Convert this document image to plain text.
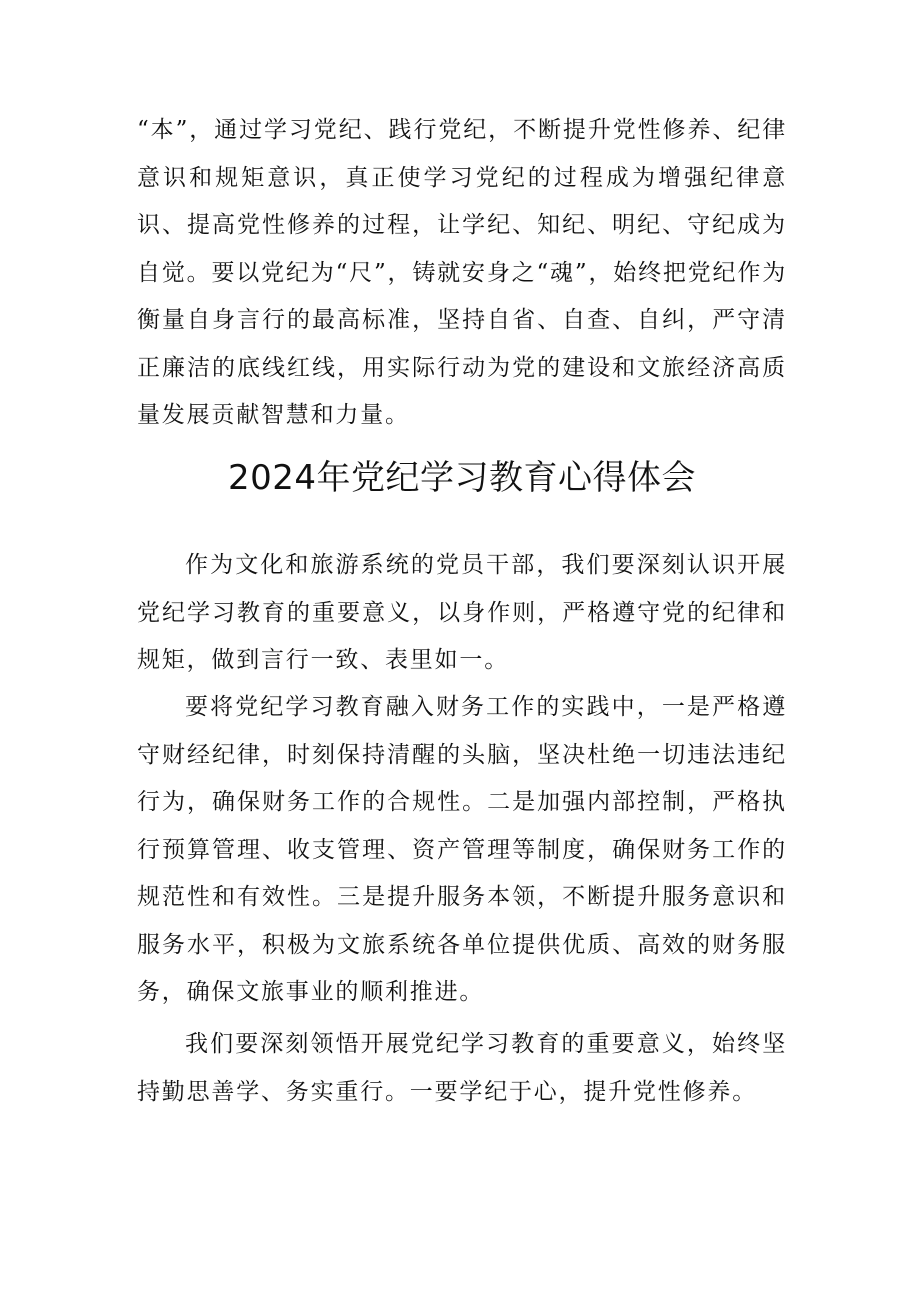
“本”，通过学习党纪、践行党纪，不断提升党性修养、纪律意识和规矩意识，真正使学习党纪的过程成为增强纪律意识、提高党性修养的过程，让学纪、知纪、明纪、守纪成为自觉。要以党纪为“尺”，铸就安身之“魂”，始终把党纪作为衡量自身言行的最高标准，坚持自省、自查、自纠，严守清正廉洁的底线红线，用实际行动为党的建设和文旅经济高质量发展贡献智慧和力量。

2024年党纪学习教育心得体会

作为文化和旅游系统的党员干部，我们要深刻认识开展党纪学习教育的重要意义，以身作则，严格遵守党的纪律和规矩，做到言行一致、表里如一。

要将党纪学习教育融入财务工作的实践中，一是严格遵守财经纪律，时刻保持清醒的头脑，坚决杜绝一切违法违纪行为，确保财务工作的合规性。二是加强内部控制，严格执行预算管理、收支管理、资产管理等制度，确保财务工作的规范性和有效性。三是提升服务本领，不断提升服务意识和服务水平，积极为文旅系统各单位提供优质、高效的财务服务，确保文旅事业的顺利推进。

我们要深刻领悟开展党纪学习教育的重要意义，始终坚持勤思善学、务实重行。一要学纪于心，提升党性修养。
